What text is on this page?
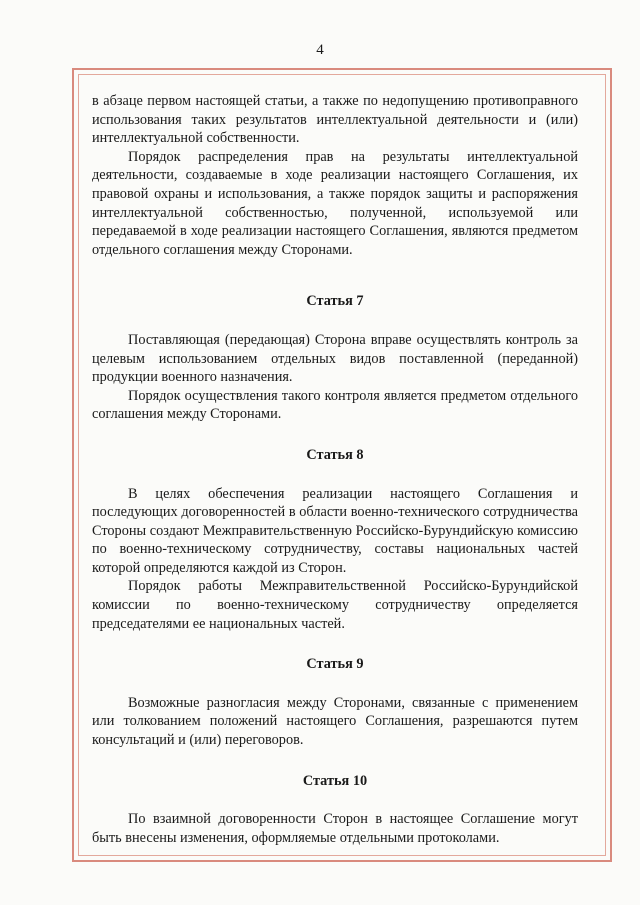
4

в абзаце первом настоящей статьи, а также по недопущению противоправного использования таких результатов интеллектуальной деятельности и (или) интеллектуальной собственности.

Порядок распределения прав на результаты интеллектуальной деятельности, создаваемые в ходе реализации настоящего Соглашения, их правовой охраны и использования, а также порядок защиты и распоряжения интеллектуальной собственностью, полученной, используемой или передаваемой в ходе реализации настоящего Соглашения, являются предметом отдельного соглашения между Сторонами.

Статья 7

Поставляющая (передающая) Сторона вправе осуществлять контроль за целевым использованием отдельных видов поставленной (переданной) продукции военного назначения.

Порядок осуществления такого контроля является предметом отдельного соглашения между Сторонами.

Статья 8

В целях обеспечения реализации настоящего Соглашения и последующих договоренностей в области военно-технического сотрудничества Стороны создают Межправительственную Российско-Бурундийскую комиссию по военно-техническому сотрудничеству, составы национальных частей которой определяются каждой из Сторон.

Порядок работы Межправительственной Российско-Бурундийской комиссии по военно-техническому сотрудничеству определяется председателями ее национальных частей.

Статья 9

Возможные разногласия между Сторонами, связанные с применением или толкованием положений настоящего Соглашения, разрешаются путем консультаций и (или) переговоров.

Статья 10

По взаимной договоренности Сторон в настоящее Соглашение могут быть внесены изменения, оформляемые отдельными протоколами.
